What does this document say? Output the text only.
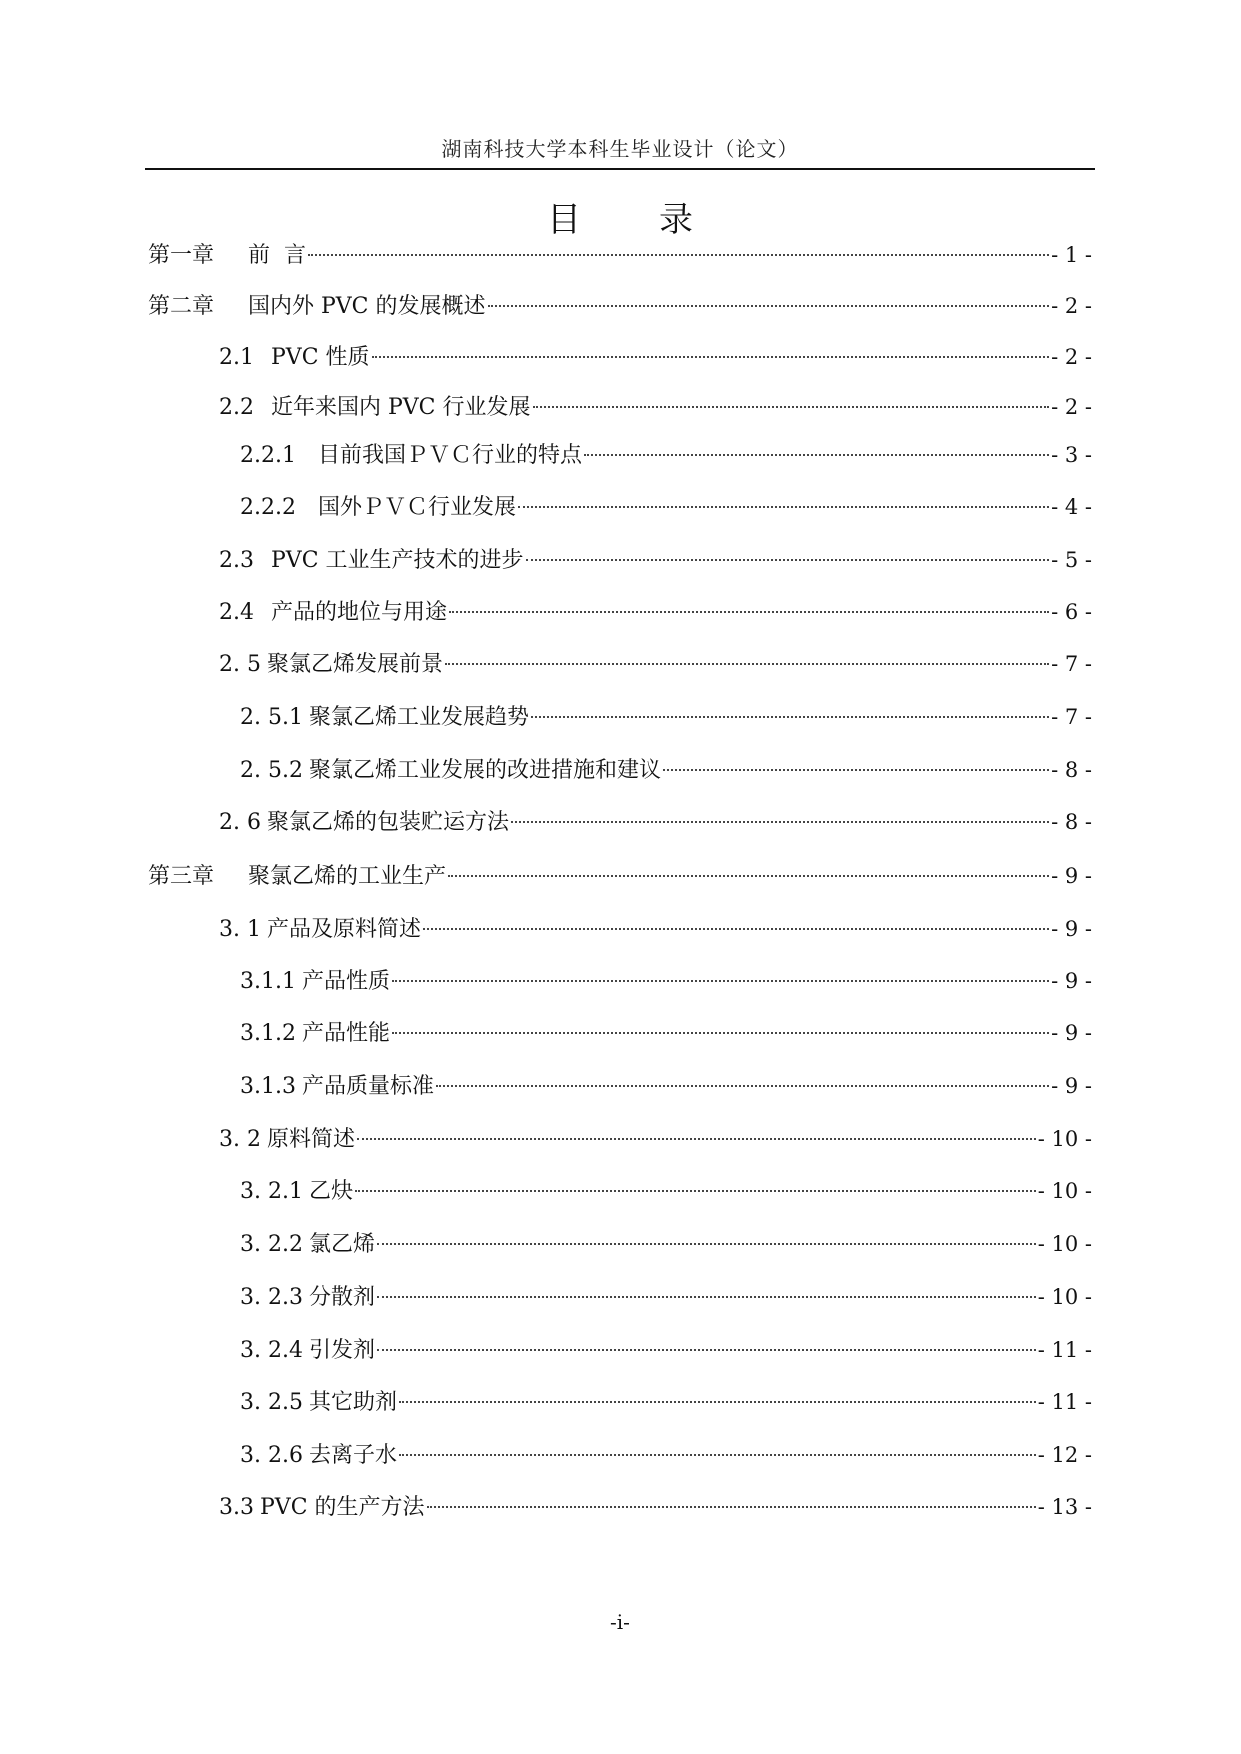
湖南科技大学本科生毕业设计（论文）
目 录
第一章	前  言	- 1 -
第二章	国内外 PVC 的发展概述	- 2 -
2.1 PVC 性质	- 2 -
2.2 近年来国内 PVC 行业发展	- 2 -
2.2.1	目前我国ＰＶＣ行业的特点	- 3 -
2.2.2	国外ＰＶＣ行业发展	- 4 -
2.3 PVC 工业生产技术的进步	- 5 -
2.4 产品的地位与用途	- 6 -
2. 5 聚氯乙烯发展前景	- 7 -
2. 5.1 聚氯乙烯工业发展趋势	- 7 -
2. 5.2 聚氯乙烯工业发展的改进措施和建议	- 8 -
2. 6 聚氯乙烯的包装贮运方法	- 8 -
第三章	聚氯乙烯的工业生产	- 9 -
3. 1 产品及原料简述	- 9 -
3.1.1 产品性质	- 9 -
3.1.2 产品性能	- 9 -
3.1.3 产品质量标准	- 9 -
3. 2 原料简述	- 10 -
3. 2.1 乙炔	- 10 -
3. 2.2 氯乙烯	- 10 -
3. 2.3 分散剂	- 10 -
3. 2.4 引发剂	- 11 -
3. 2.5 其它助剂	- 11 -
3. 2.6 去离子水	- 12 -
3.3 PVC 的生产方法	- 13 -
-i-
